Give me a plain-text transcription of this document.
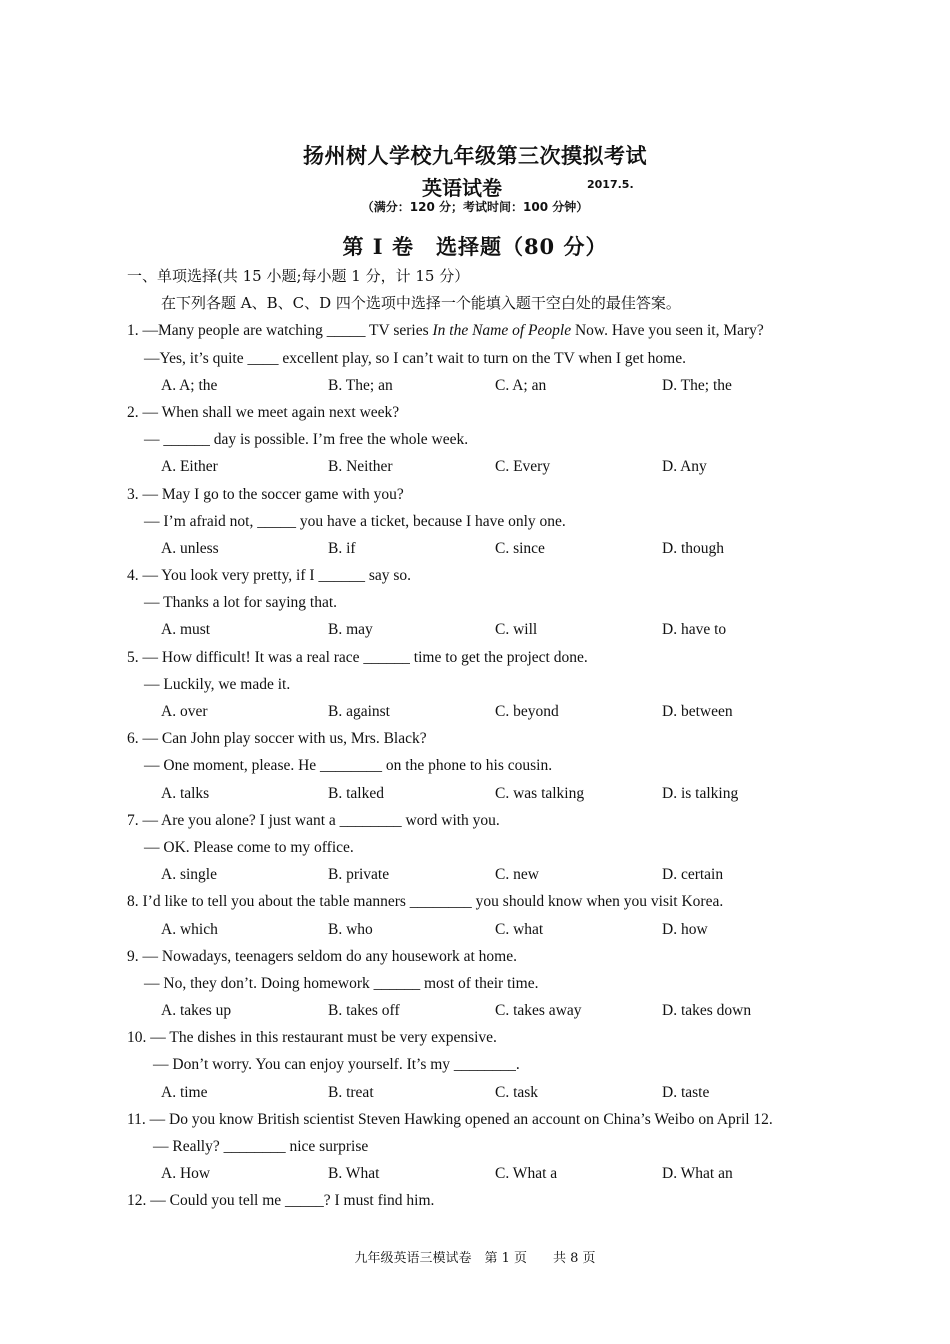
扬州树人学校九年级第三次摸拟考试
英语试卷	2017.5.
（满分：120 分；考试时间：100 分钟）
第 I 卷　选择题（80 分）
一、单项选择(共 15 小题;每小题 1 分，计 15 分）
在下列各题 A、B、C、D 四个选项中选择一个能填入题干空白处的最佳答案。
1. —Many people are watching _____ TV series In the Name of People Now. Have you seen it, Mary?
—Yes, it’s quite ____ excellent play, so I can’t wait to turn on the TV when I get home.
A. A; the	B. The; an	C. A; an	D. The; the
2. — When shall we meet again next week?
— ______ day is possible. I’m free the whole week.
A. Either	B. Neither	C. Every	D. Any
3. — May I go to the soccer game with you?
— I’m afraid not, _____ you have a ticket, because I have only one.
A. unless	B. if	C. since	D. though
4. ― You look very pretty, if I ______ say so.
― Thanks a lot for saying that.
A. must	B. may	C. will	D. have to
5. — How difficult! It was a real race ______ time to get the project done.
— Luckily, we made it.
A. over	B. against	C. beyond	D. between
6. — Can John play soccer with us, Mrs. Black?
— One moment, please. He ________ on the phone to his cousin.
A. talks	B. talked	C. was talking	D. is talking
7. — Are you alone? I just want a ________ word with you.
— OK. Please come to my office.
A. single	B. private	C. new	D. certain
8. I’d like to tell you about the table manners ________ you should know when you visit Korea.
A. which	B. who	C. what	D. how
9. — Nowadays, teenagers seldom do any housework at home.
— No, they don’t. Doing homework ______ most of their time.
A. takes up	B. takes off	C. takes away	D. takes down
10. ― The dishes in this restaurant must be very expensive.
― Don’t worry. You can enjoy yourself. It’s my ________.
A. time	B. treat	C. task	D. taste
11. — Do you know British scientist Steven Hawking opened an account on China’s Weibo on April 12.
— Really? ________ nice surprise
A. How	B. What	C. What a	D. What an
12. — Could you tell me _____? I must find him.
九年级英语三模试卷　第 1 页　　共 8 页
